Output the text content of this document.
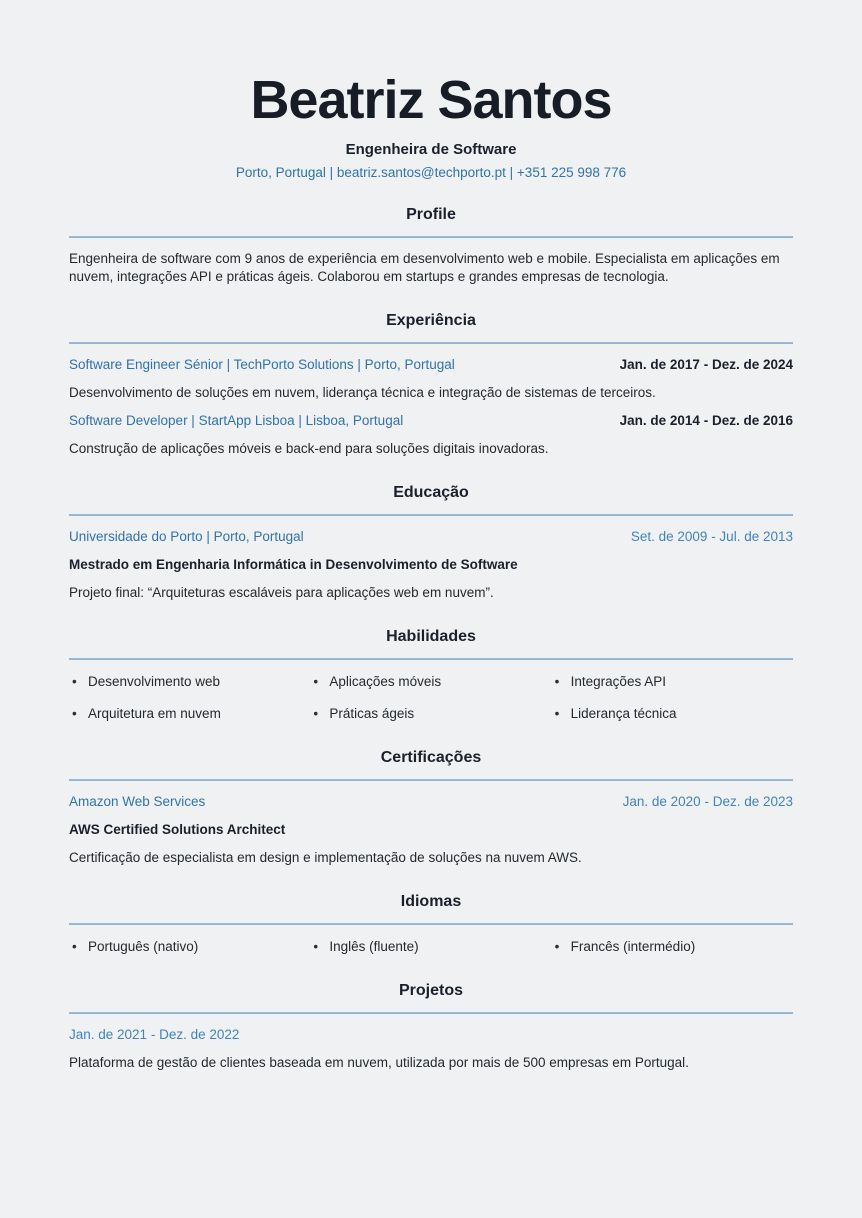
Beatriz Santos
Engenheira de Software
Porto, Portugal | beatriz.santos@techporto.pt | +351 225 998 776
Profile

Engenheira de software com 9 anos de experiência em desenvolvimento web e mobile. Especialista em aplicações em nuvem, integrações API e práticas ágeis. Colaborou em startups e grandes empresas de tecnologia.

Experiência
Software Engineer Sénior | TechPorto Solutions | Porto, Portugal	Jan. de 2017 - Dez. de 2024

Desenvolvimento de soluções em nuvem, liderança técnica e integração de sistemas de terceiros.

Software Developer | StartApp Lisboa | Lisboa, Portugal	Jan. de 2014 - Dez. de 2016

Construção de aplicações móveis e back-end para soluções digitais inovadoras.

Educação
Universidade do Porto | Porto, Portugal	Set. de 2009 - Jul. de 2013

Mestrado em Engenharia Informática in Desenvolvimento de Software

Projeto final: “Arquiteturas escaláveis para aplicações web em nuvem”.

Habilidades
• Desenvolvimento web	• Aplicações móveis	• Integrações API
• Arquitetura em nuvem	• Práticas ágeis	• Liderança técnica
Certificações
Amazon Web Services	Jan. de 2020 - Dez. de 2023

AWS Certified Solutions Architect

Certificação de especialista em design e implementação de soluções na nuvem AWS.

Idiomas
• Português (nativo)	• Inglês (fluente)	• Francês (intermédio)
Projetos
Jan. de 2021 - Dez. de 2022

Plataforma de gestão de clientes baseada em nuvem, utilizada por mais de 500 empresas em Portugal.
